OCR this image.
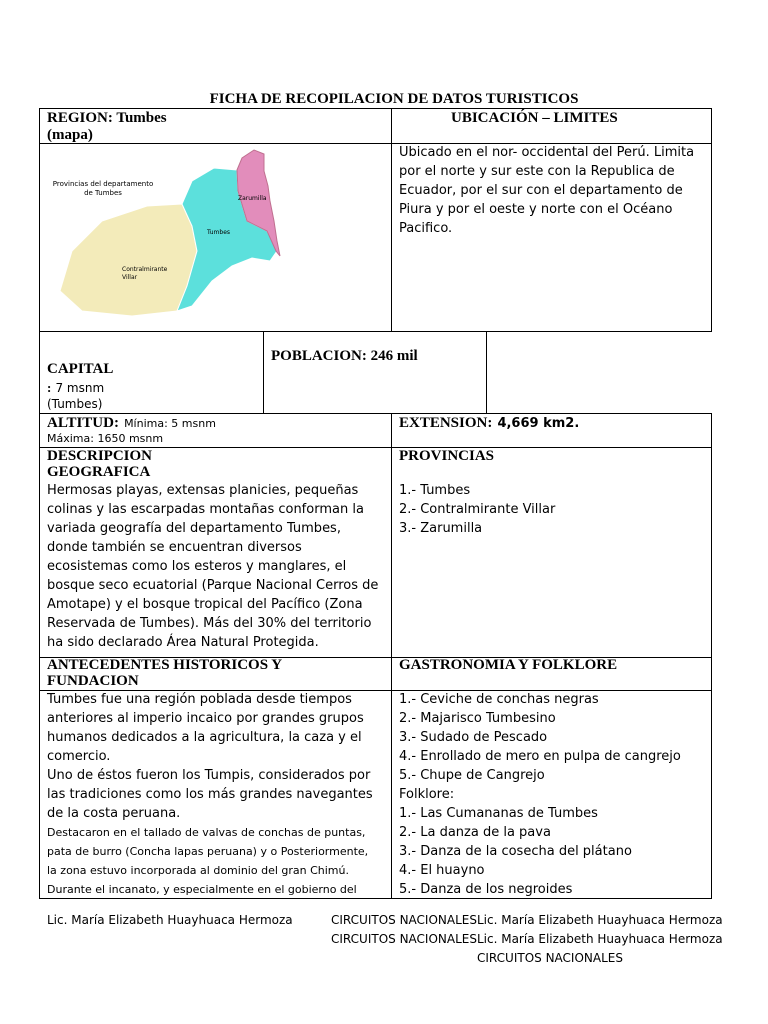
FICHA DE RECOPILACION DE DATOS TURISTICOS
REGION: Tumbes
(mapa)
UBICACIÓN – LIMITES
Provincias del departamento
de Tumbes
Zarumilla
Tumbes
Contralmirante
Villar
Ubicado en el nor- occidental del Perú. Limita
por el norte y sur este con la Republica de
Ecuador, por el sur con el departamento de
Piura y por el oeste y norte con el Océano
Pacifico.
CAPITAL
: 7 msnm
(Tumbes)
POBLACION: 246 mil
ALTITUD: Mínima: 5 msnm
Máxima: 1650 msnm
EXTENSION: 4,669 km2.
DESCRIPCION
GEOGRAFICA
Hermosas playas, extensas planicies, pequeñas
colinas y las escarpadas montañas conforman la
variada geografía del departamento Tumbes,
donde también se encuentran diversos
ecosistemas como los esteros y manglares, el
bosque seco ecuatorial (Parque Nacional Cerros de
Amotape) y el bosque tropical del Pacífico (Zona
Reservada de Tumbes). Más del 30% del territorio
ha sido declarado Área Natural Protegida.
PROVINCIAS
1.- Tumbes
2.- Contralmirante Villar
3.- Zarumilla
ANTECEDENTES HISTORICOS Y
FUNDACION
Tumbes fue una región poblada desde tiempos
anteriores al imperio incaico por grandes grupos
humanos dedicados a la agricultura, la caza y el
comercio.
Uno de éstos fueron los Tumpis, considerados por
las tradiciones como los más grandes navegantes
de la costa peruana.
Destacaron en el tallado de valvas de conchas de puntas,
pata de burro (Concha lapas peruana) y o Posteriormente,
la zona estuvo incorporada al dominio del gran Chimú.
Durante el incanato, y especialmente en el gobierno del
GASTRONOMIA Y FOLKLORE
1.- Ceviche de conchas negras
2.- Majarisco Tumbesino
3.- Sudado de Pescado
4.- Enrollado de mero en pulpa de cangrejo
5.- Chupe de Cangrejo
Folklore:
1.- Las Cumananas de Tumbes
2.- La danza de la pava
3.- Danza de la cosecha del plátano
4.- El huayno
5.- Danza de los negroides
Lic. María Elizabeth Huayhuaca Hermoza	CIRCUITOS NACIONALESLic. María Elizabeth Huayhuaca Hermoza
CIRCUITOS NACIONALESLic. María Elizabeth Huayhuaca Hermoza
CIRCUITOS NACIONALES
